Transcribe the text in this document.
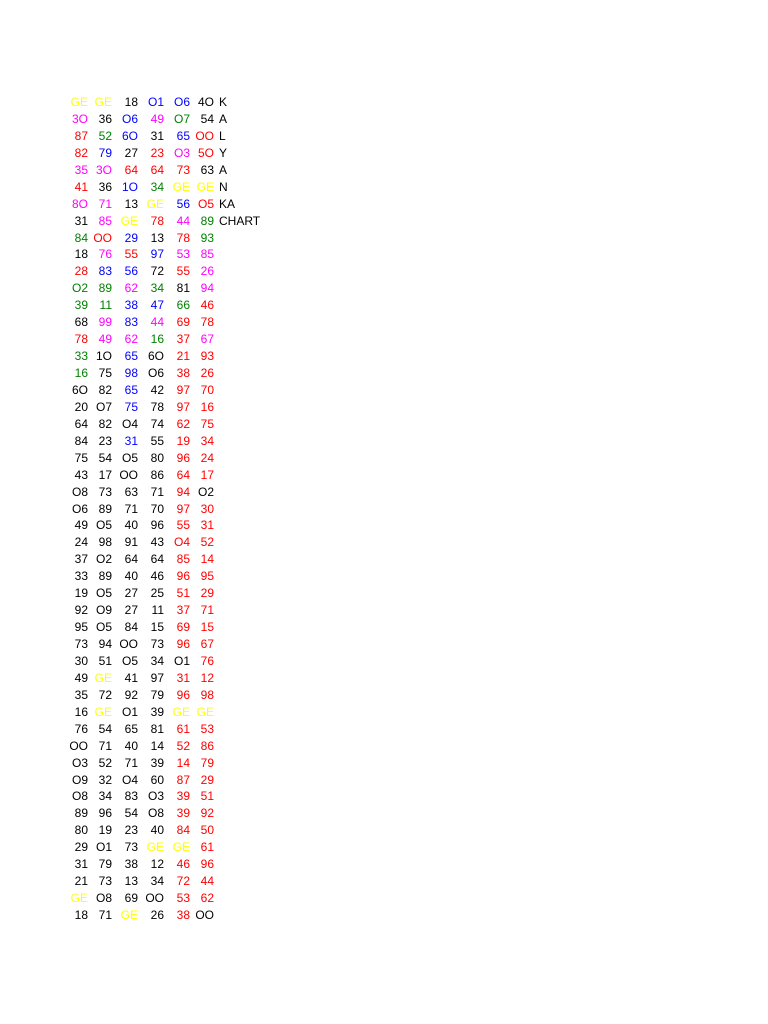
GE GE	18 O1 O6 4O K
3O 36 O6	49 O7 54 A
87 52 6O	31	65 OO L
82 79	27	23 O3 5O Y
35 3O	64	64	73 63 A
41 36 1O	34 GE GE N
8O 71	13 GE	56 O5 KA
31 85 GE	78	44 89 CHART
84 OO	29	13	78 93
18 76	55	97	53 85
28 83	56	72	55 26
O2 89	62	34	81 94
39 11	38	47	66 46
68 99	83	44	69 78
78 49	62	16	37 67
33 1O	65 6O	21 93
16 75	98 O6	38 26
6O 82	65	42	97 70
20 O7	75	78	97 16
64 82 O4	74	62 75
84 23	31	55	19 34
75 54 O5	80	96 24
43 17 OO	86	64 17
O8 73	63	71	94 O2
O6 89	71	70	97 30
49 O5	40	96	55 31
24 98	91	43 O4 52
37 O2	64	64	85 14
33 89	40	46	96 95
19 O5	27	25	51 29
92 O9	27	11	37 71
95 O5	84	15	69 15
73 94 OO	73	96 67
30 51 O5	34 O1 76
49 GE	41	97	31 12
35 72	92	79	96 98
16 GE O1	39 GE GE
76 54	65	81	61 53
OO 71	40	14	52 86
O3 52	71	39	14 79
O9 32 O4	60	87 29
O8 34	83 O3	39 51
89 96	54 O8	39 92
80 19	23	40	84 50
29 O1	73 GE GE 61
31 79	38	12	46 96
21 73	13	34	72 44
GE O8	69 OO	53 62
18 71 GE	26	38 OO
